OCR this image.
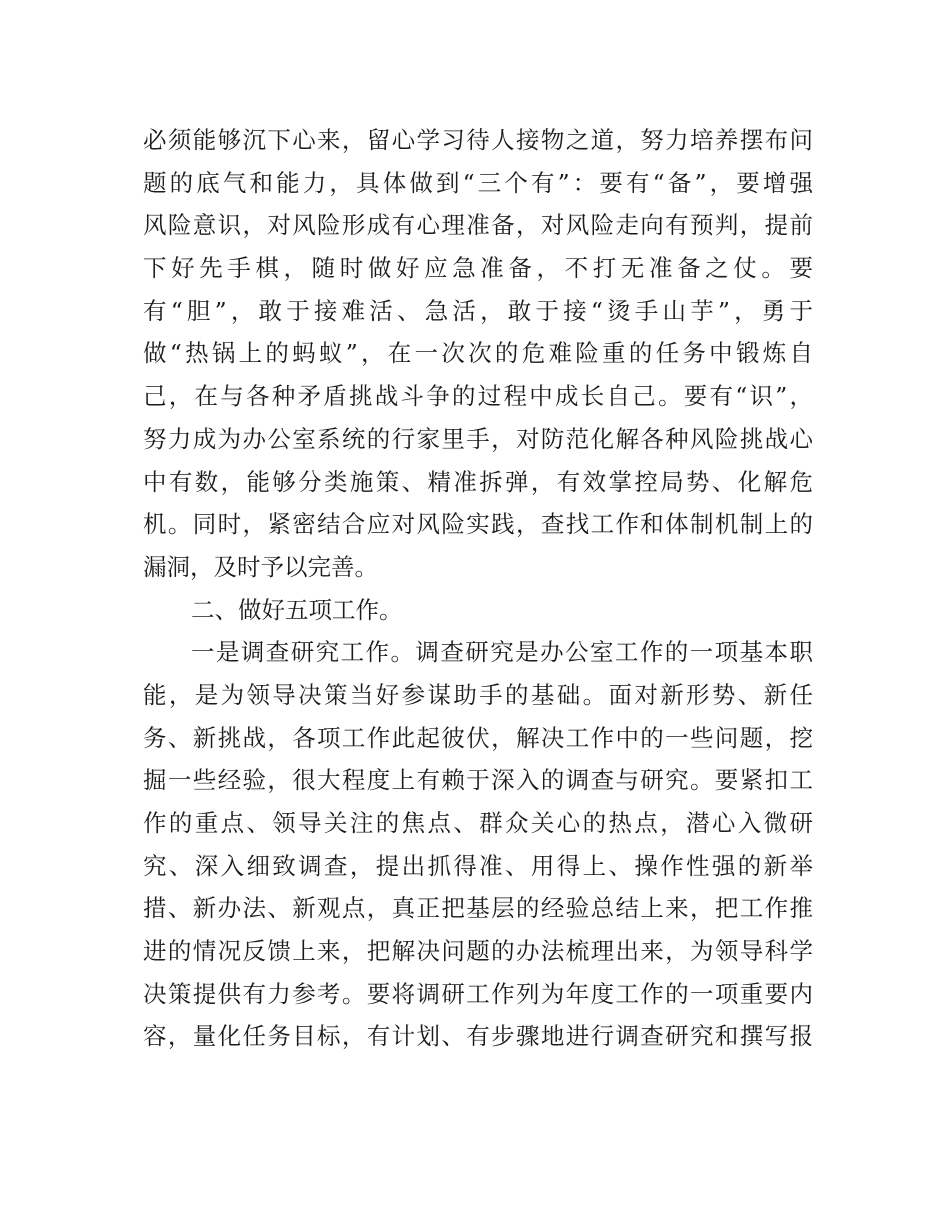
必须能够沉下心来，留心学习待人接物之道，努力培养摆布问
题的底气和能力，具体做到“三个有”：要有“备”，要增强
风险意识，对风险形成有心理准备，对风险走向有预判，提前
下好先手棋，随时做好应急准备，不打无准备之仗。要
有“胆”，敢于接难活、急活，敢于接“烫手山芋”，勇于
做“热锅上的蚂蚁”，在一次次的危难险重的任务中锻炼自
己，在与各种矛盾挑战斗争的过程中成长自己。要有“识”，
努力成为办公室系统的行家里手，对防范化解各种风险挑战心
中有数，能够分类施策、精准拆弹，有效掌控局势、化解危
机。同时，紧密结合应对风险实践，查找工作和体制机制上的
漏洞，及时予以完善。
二、做好五项工作。
一是调查研究工作。调查研究是办公室工作的一项基本职
能，是为领导决策当好参谋助手的基础。面对新形势、新任
务、新挑战，各项工作此起彼伏，解决工作中的一些问题，挖
掘一些经验，很大程度上有赖于深入的调查与研究。要紧扣工
作的重点、领导关注的焦点、群众关心的热点，潜心入微研
究、深入细致调查，提出抓得准、用得上、操作性强的新举
措、新办法、新观点，真正把基层的经验总结上来，把工作推
进的情况反馈上来，把解决问题的办法梳理出来，为领导科学
决策提供有力参考。要将调研工作列为年度工作的一项重要内
容，量化任务目标，有计划、有步骤地进行调查研究和撰写报
